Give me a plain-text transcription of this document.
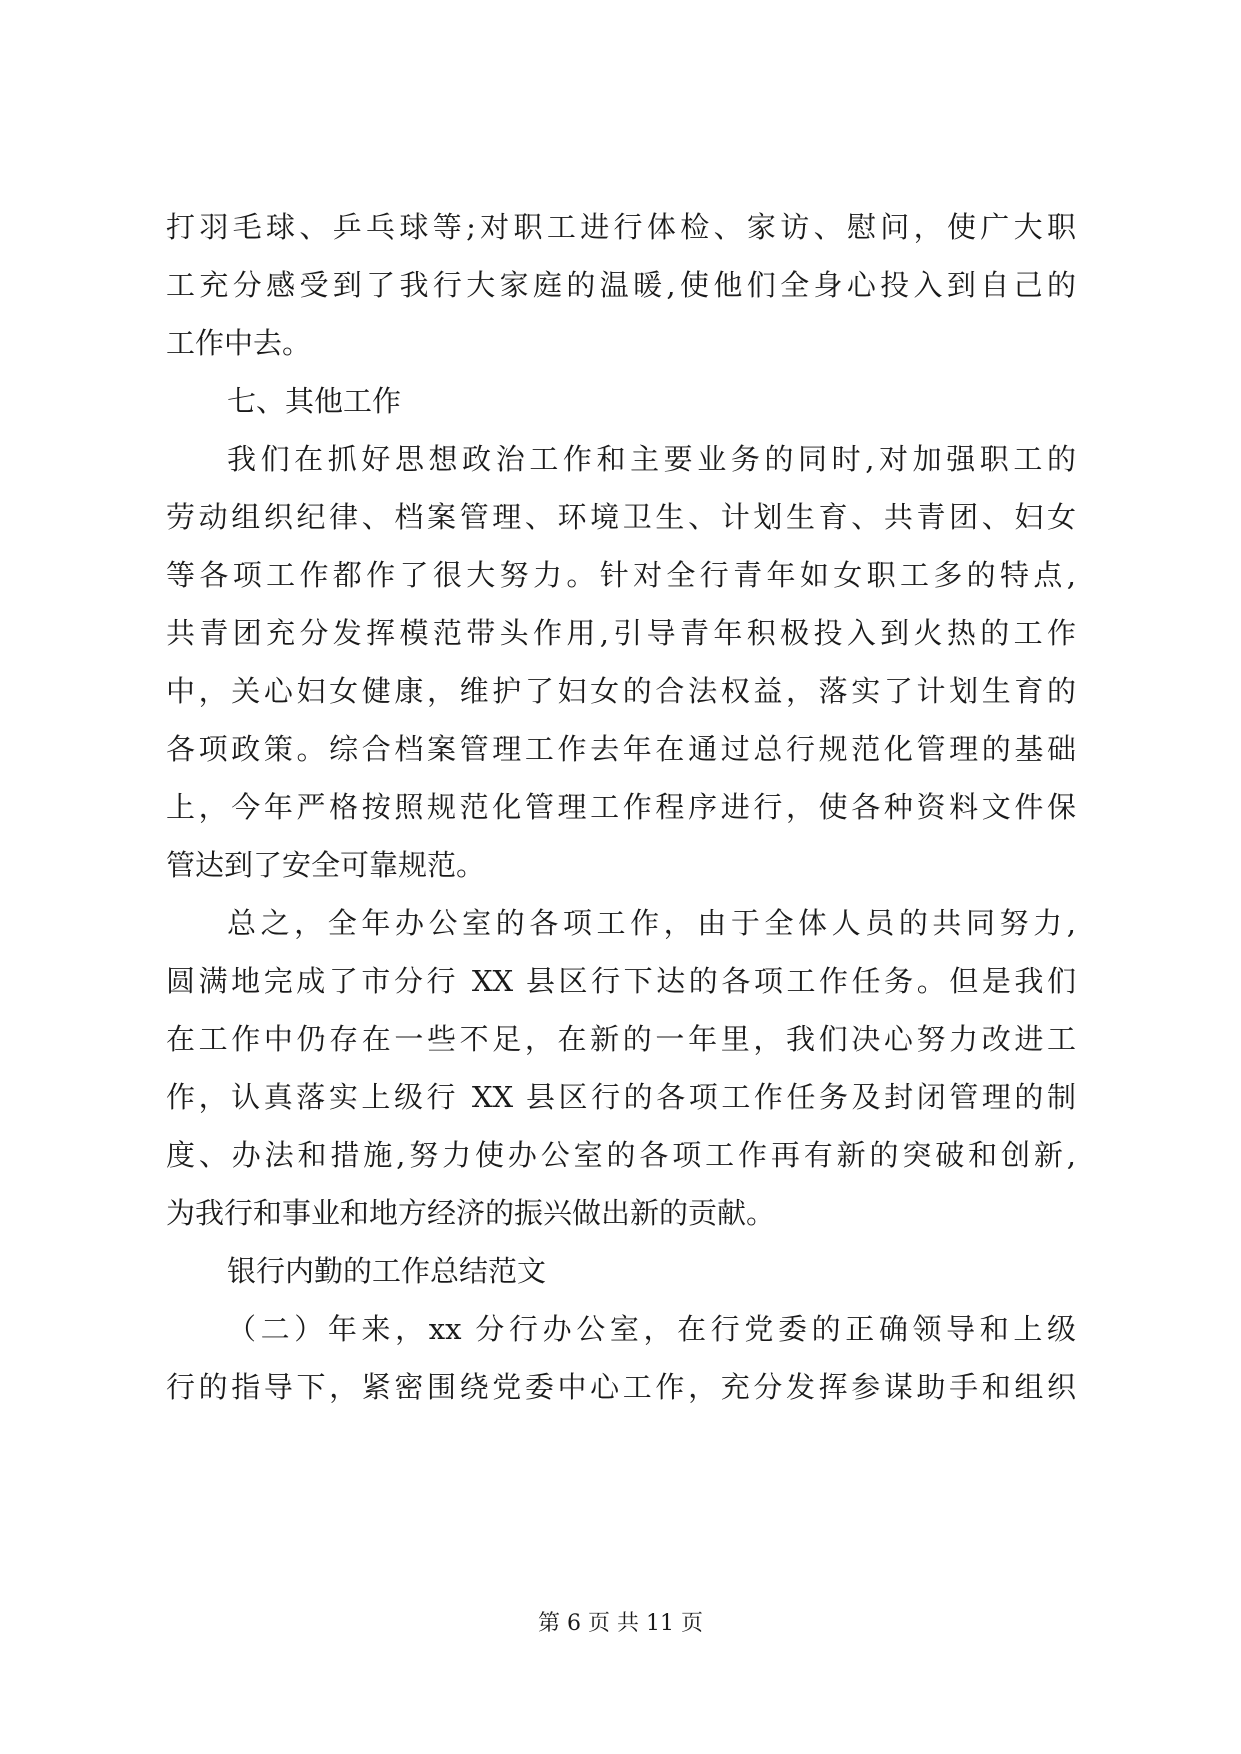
打羽毛球、乒乓球等;对职工进行体检、家访、慰问，使广大职
工充分感受到了我行大家庭的温暖,使他们全身心投入到自己的
工作中去。
七、其他工作
我们在抓好思想政治工作和主要业务的同时,对加强职工的
劳动组织纪律、档案管理、环境卫生、计划生育、共青团、妇女
等各项工作都作了很大努力。针对全行青年如女职工多的特点,
共青团充分发挥模范带头作用,引导青年积极投入到火热的工作
中，关心妇女健康，维护了妇女的合法权益，落实了计划生育的
各项政策。综合档案管理工作去年在通过总行规范化管理的基础
上，今年严格按照规范化管理工作程序进行，使各种资料文件保
管达到了安全可靠规范。
总之，全年办公室的各项工作，由于全体人员的共同努力,
圆满地完成了市分行 XX 县区行下达的各项工作任务。但是我们
在工作中仍存在一些不足，在新的一年里，我们决心努力改进工
作，认真落实上级行 XX 县区行的各项工作任务及封闭管理的制
度、办法和措施,努力使办公室的各项工作再有新的突破和创新,
为我行和事业和地方经济的振兴做出新的贡献。
银行内勤的工作总结范文
（二）年来，xx 分行办公室，在行党委的正确领导和上级
行的指导下，紧密围绕党委中心工作，充分发挥参谋助手和组织
第 6 页 共 11 页
